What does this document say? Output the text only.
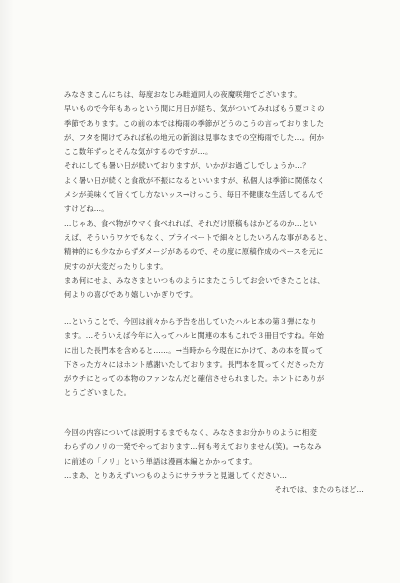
みなさまこんにちは、毎度おなじみ畦道同人の夜魔咲翔でございます。
早いもので今年もあっという間に月日が経ち、気がついてみればもう夏コミの
季節であります。この前の本では梅雨の季節がどうのこうの言っておりました
が、フタを開けてみれば私の地元の新潟は見事なまでの空梅雨でした…。何か
ここ数年ずっとそんな気がするのですが…。
それにしても暑い日が続いておりますが、いかがお過ごしでしょうか…？
よく暑い日が続くと食欲が不振になるといいますが、私個人は季節に関係なく
メシが美味くて旨くてし方ないッス→けっこう、毎日不健康な生活してるんで
すけどね…。
…じゃあ、食べ物がウマく食べれれば、それだけ原稿もはかどるのか…とい
えば、そういうワケでもなく、プライベートで細々としたいろんな事があると、
精神的にも少なからずダメージがあるので、その度に原稿作成のペースを元に
戻すのが大変だったりします。
まあ何にせよ、みなさまといつものようにまたこうしてお会いできたことは、
何よりの喜びであり嬉しいかぎりです。
…ということで、今回は前々から予告を出していたハルヒ本の第３弾になり
ます。…そういえば今年に入ってハルヒ関連の本もこれで３冊目ですね。年始
に出した長門本を含めると……。→当時から今現在にかけて、あの本を買って
下さった方々にはホント感謝いたしております。長門本を買ってくださった方
がウチにとっての本物のファンなんだと確信させられました。ホントにありが
とうございました。
今回の内容については説明するまでもなく、みなさまお分かりのように相変
わらずのノリの一発でやっております…何も考えておりません(笑)。→ちなみ
に前述の「ノリ」という単語は漫画本編とかかってます。
…まあ、とりあえずいつものようにサラサラと見過してください…
それでは、またのちほど…
